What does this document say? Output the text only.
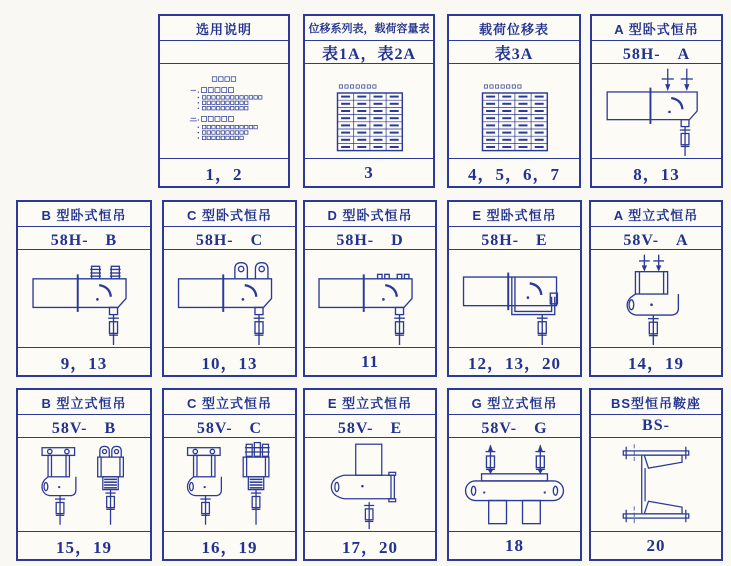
选用说明
1，2
位移系列表，载荷容量表
表1A，表2A
3
载荷位移表
表3A
4，5，6，7
A 型卧式恒吊
58H-　A
8，13
B 型卧式恒吊
58H-　B
9，13
C 型卧式恒吊
58H-　C
10，13
D 型卧式恒吊
58H-　D
11
E 型卧式恒吊
58H-　E
12，13，20
A 型立式恒吊
58V-　A
14，19
B 型立式恒吊
58V-　B
15，19
C 型立式恒吊
58V-　C
16，19
E 型立式恒吊
58V-　E
17，20
G 型立式恒吊
58V-　G
18
BS型恒吊鞍座
BS-
20
